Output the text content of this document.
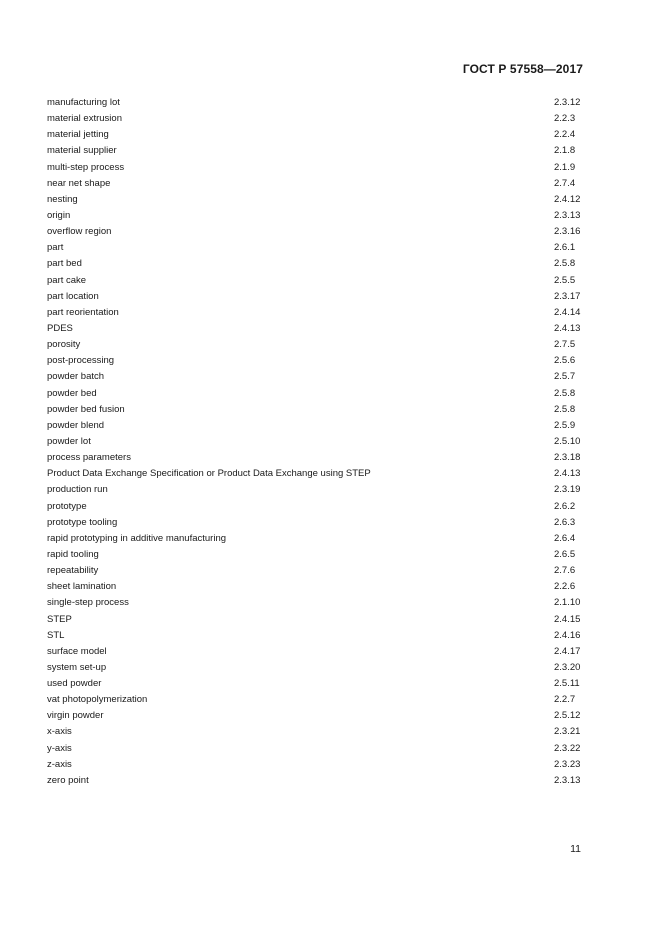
ГОСТ Р 57558—2017
manufacturing lot	2.3.12
material extrusion	2.2.3
material jetting	2.2.4
material supplier	2.1.8
multi-step process	2.1.9
near net shape	2.7.4
nesting	2.4.12
origin	2.3.13
overflow region	2.3.16
part	2.6.1
part bed	2.5.8
part cake	2.5.5
part location	2.3.17
part reorientation	2.4.14
PDES	2.4.13
porosity	2.7.5
post-processing	2.5.6
powder batch	2.5.7
powder bed	2.5.8
powder bed fusion	2.5.8
powder blend	2.5.9
powder lot	2.5.10
process parameters	2.3.18
Product Data Exchange Specification or Product Data Exchange using STEP	2.4.13
production run	2.3.19
prototype	2.6.2
prototype tooling	2.6.3
rapid prototyping in additive manufacturing	2.6.4
rapid tooling	2.6.5
repeatability	2.7.6
sheet lamination	2.2.6
single-step process	2.1.10
STEP	2.4.15
STL	2.4.16
surface model	2.4.17
system set-up	2.3.20
used powder	2.5.11
vat photopolymerization	2.2.7
virgin powder	2.5.12
x-axis	2.3.21
y-axis	2.3.22
z-axis	2.3.23
zero point	2.3.13
11
